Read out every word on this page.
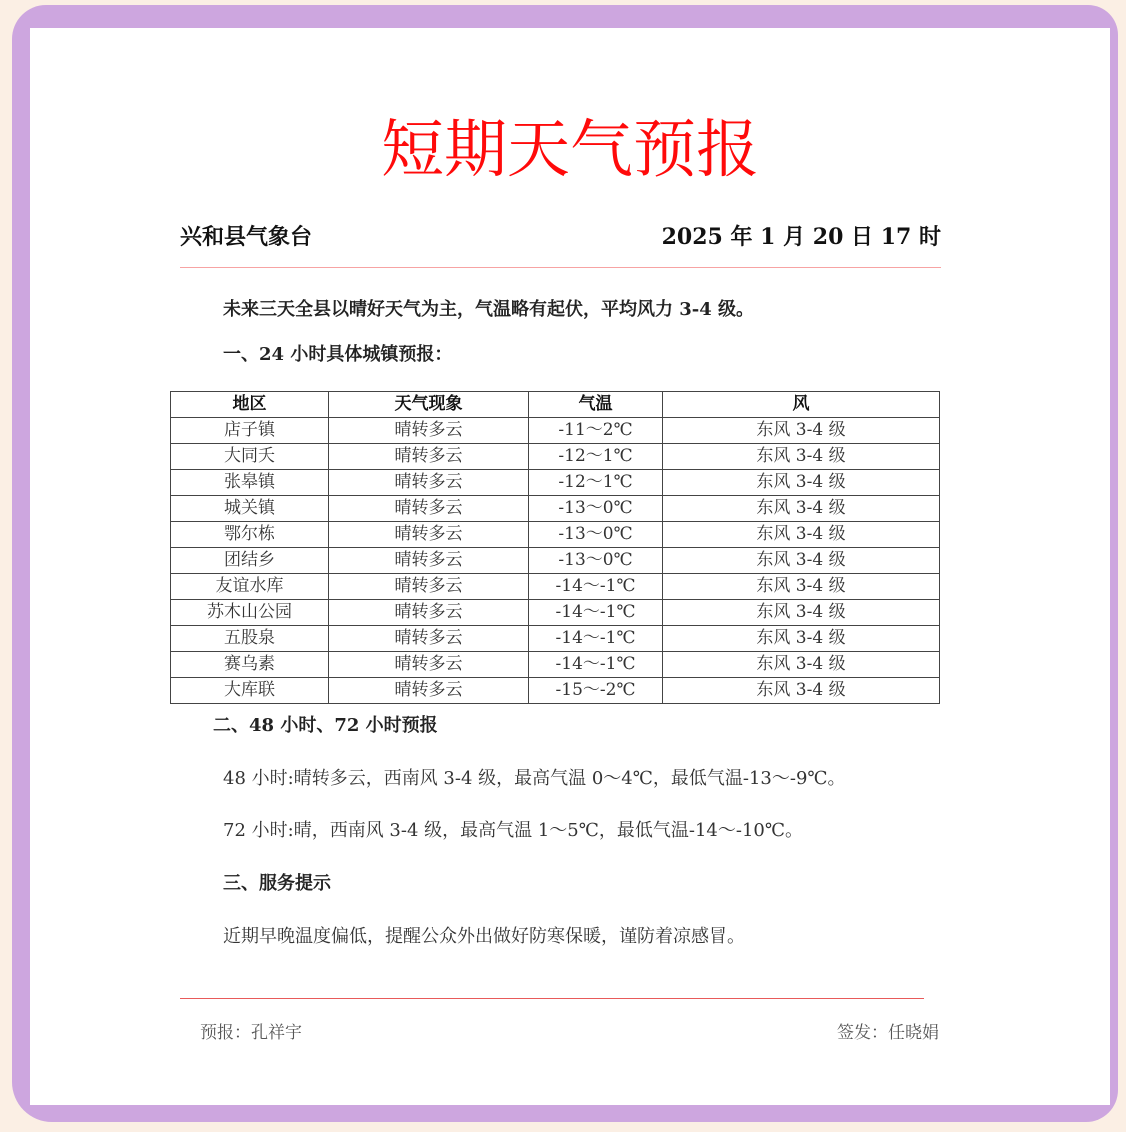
短期天气预报
兴和县气象台	2025 年 1 月 20 日 17 时
未来三天全县以晴好天气为主，气温略有起伏，平均风力 3-4 级。
一、24 小时具体城镇预报：
地区	天气现象	气温	风
店子镇	晴转多云	-11～2℃	东风 3-4 级
大同夭	晴转多云	-12～1℃	东风 3-4 级
张皋镇	晴转多云	-12～1℃	东风 3-4 级
城关镇	晴转多云	-13～0℃	东风 3-4 级
鄂尔栋	晴转多云	-13～0℃	东风 3-4 级
团结乡	晴转多云	-13～0℃	东风 3-4 级
友谊水库	晴转多云	-14～-1℃	东风 3-4 级
苏木山公园	晴转多云	-14～-1℃	东风 3-4 级
五股泉	晴转多云	-14～-1℃	东风 3-4 级
赛乌素	晴转多云	-14～-1℃	东风 3-4 级
大库联	晴转多云	-15～-2℃	东风 3-4 级
二、48 小时、72 小时预报
48 小时:晴转多云，西南风 3-4 级，最高气温 0～4℃，最低气温-13～-9℃。
72 小时:晴，西南风 3-4 级，最高气温 1～5℃，最低气温-14～-10℃。
三、服务提示
近期早晚温度偏低，提醒公众外出做好防寒保暖，谨防着凉感冒。
预报：孔祥宇	签发：任晓娟
